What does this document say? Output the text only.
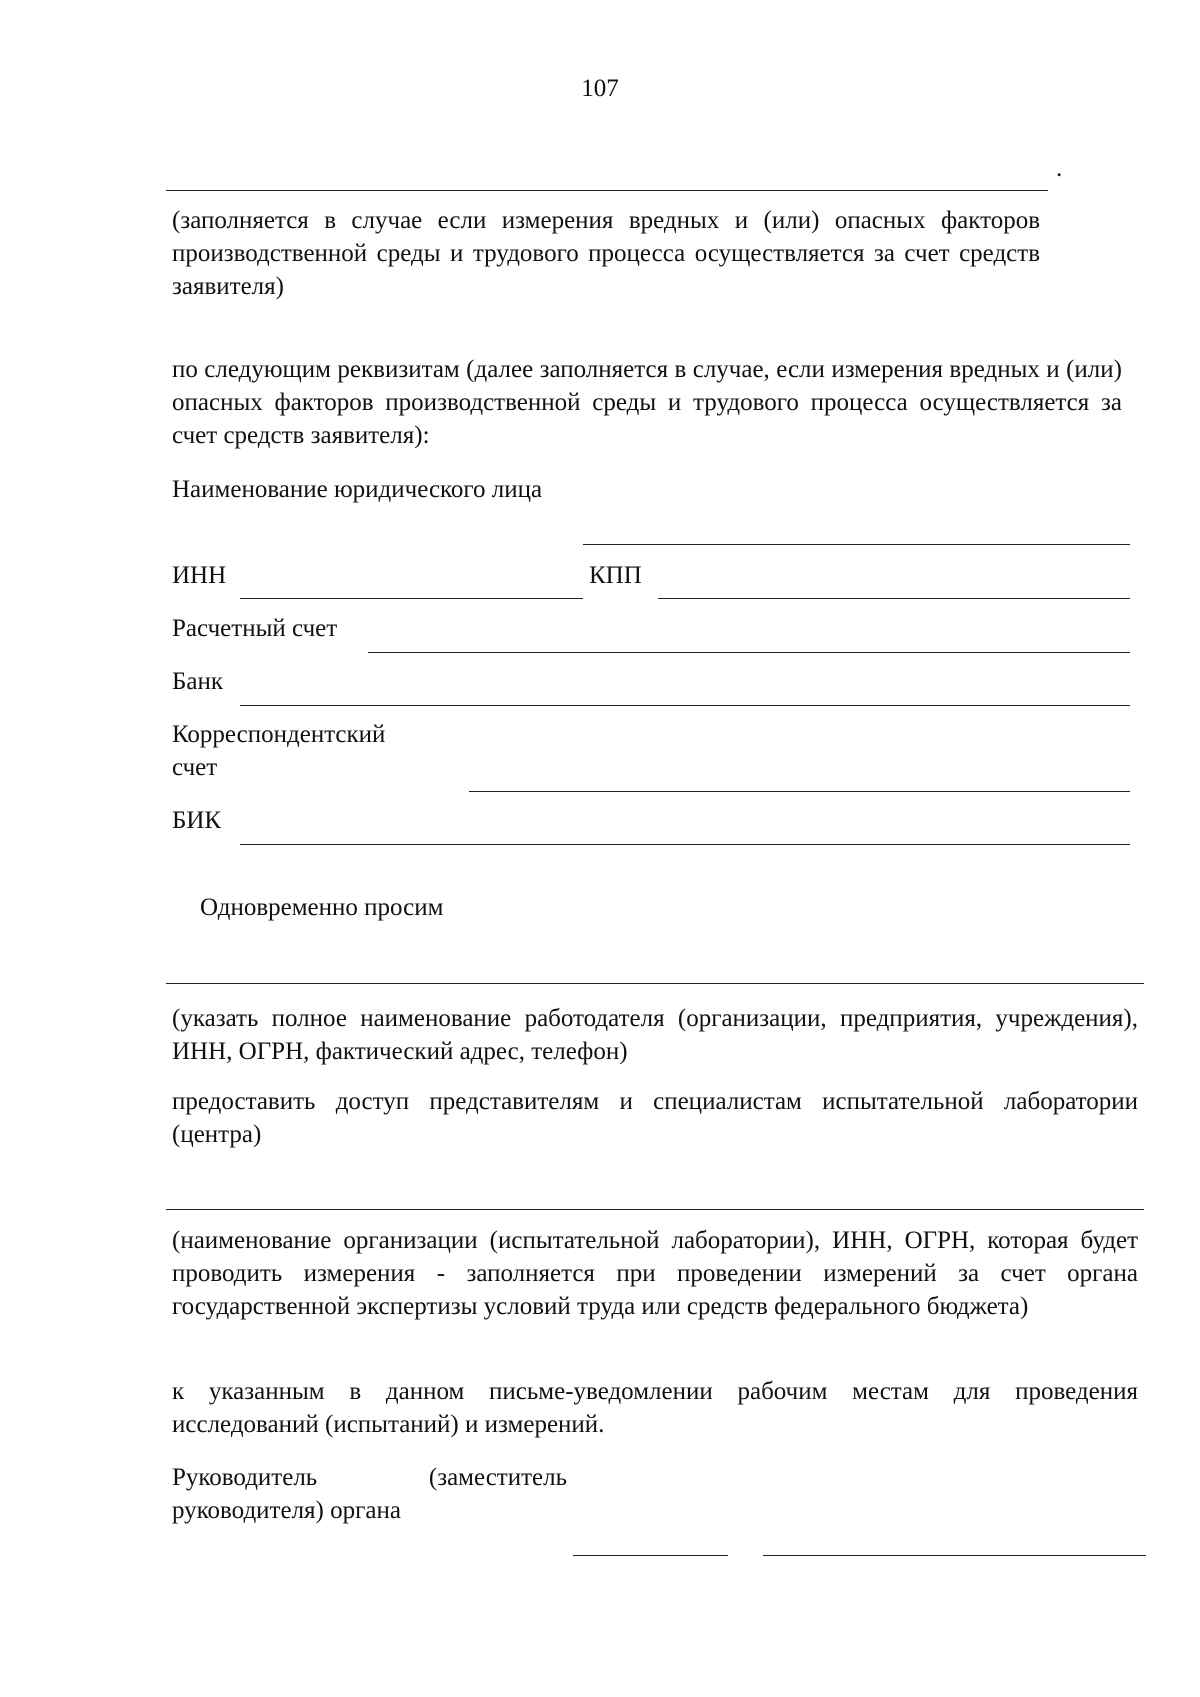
107
.

(заполняется в случае если измерения вредных и (или) опасных факторов производственной среды и трудового процесса осуществляется за счет средств заявителя)

по следующим реквизитам (далее заполняется в случае, если измерения вредных и (или) опасных факторов производственной среды и трудового процесса осуществляется за счет средств заявителя):

Наименование юридического лица

ИНН	КПП
Расчетный счет
Банк

Корреспондентский счет

БИК
Одновременно просим

(указать полное наименование работодателя (организации, предприятия, учреждения), ИНН, ОГРН, фактический адрес, телефон)

предоставить доступ представителям и специалистам испытательной лаборатории (центра)

(наименование организации (испытательной лаборатории), ИНН, ОГРН, которая будет проводить измерения - заполняется при проведении измерений за счет органа государственной экспертизы условий труда или средств федерального бюджета)

к указанным в данном письме-уведомлении рабочим местам для проведения исследований (испытаний) и измерений.

Руководитель (заместитель руководителя) органа
